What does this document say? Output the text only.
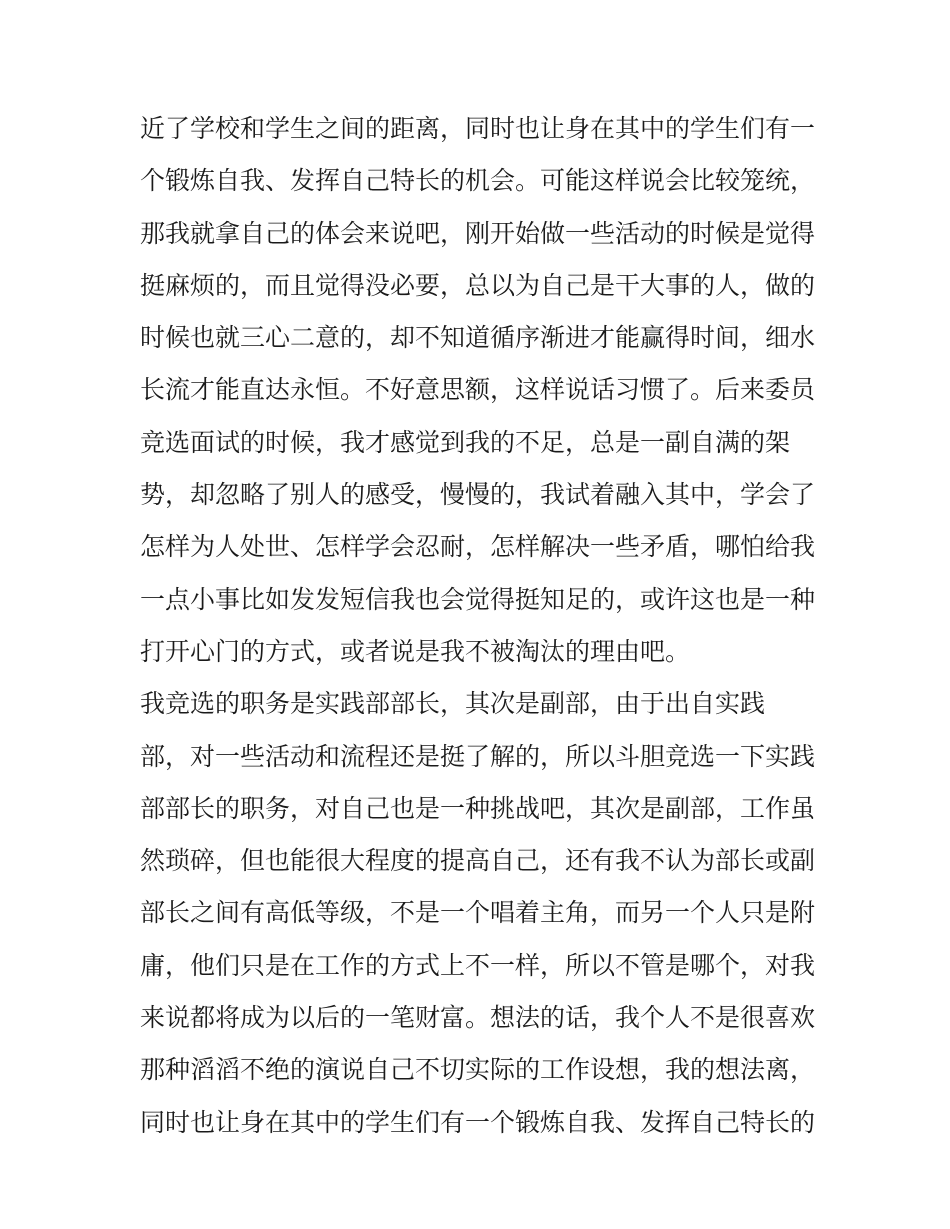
近了学校和学生之间的距离，同时也让身在其中的学生们有一
个锻炼自我、发挥自己特长的机会。可能这样说会比较笼统，
那我就拿自己的体会来说吧，刚开始做一些活动的时候是觉得
挺麻烦的，而且觉得没必要，总以为自己是干大事的人，做的
时候也就三心二意的，却不知道循序渐进才能赢得时间，细水
长流才能直达永恒。不好意思额，这样说话习惯了。后来委员
竞选面试的时候，我才感觉到我的不足，总是一副自满的架
势，却忽略了别人的感受，慢慢的，我试着融入其中，学会了
怎样为人处世、怎样学会忍耐，怎样解决一些矛盾，哪怕给我
一点小事比如发发短信我也会觉得挺知足的，或许这也是一种
打开心门的方式，或者说是我不被淘汰的理由吧。
我竞选的职务是实践部部长，其次是副部，由于出自实践
部，对一些活动和流程还是挺了解的，所以斗胆竞选一下实践
部部长的职务，对自己也是一种挑战吧，其次是副部，工作虽
然琐碎，但也能很大程度的提高自己，还有我不认为部长或副
部长之间有高低等级，不是一个唱着主角，而另一个人只是附
庸，他们只是在工作的方式上不一样，所以不管是哪个，对我
来说都将成为以后的一笔财富。想法的话，我个人不是很喜欢
那种滔滔不绝的演说自己不切实际的工作设想，我的想法离，
同时也让身在其中的学生们有一个锻炼自我、发挥自己特长的
